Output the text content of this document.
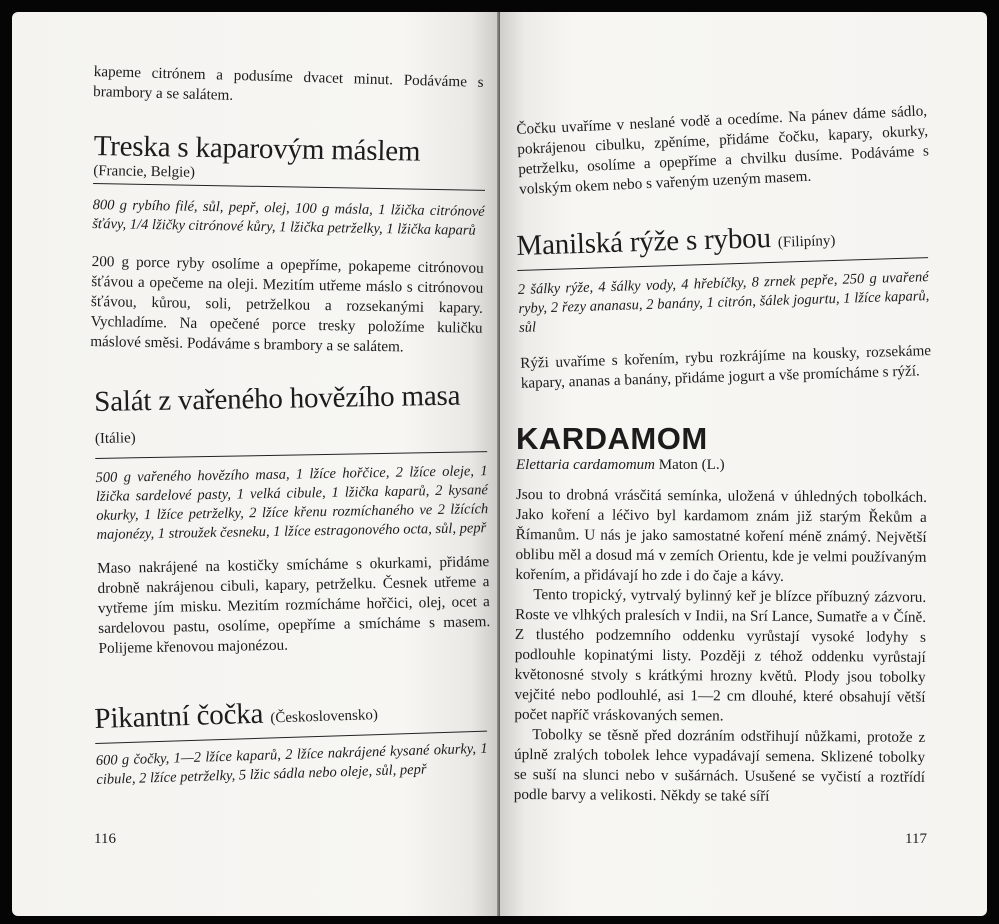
kapeme citrónem a podusíme dvacet minut. Podáváme s brambory a se salátem.

Treska s kaparovým máslem
(Francie, Belgie)

800 g rybího filé, sůl, pepř, olej, 100 g másla, 1 lžička citrónové šťávy, 1/4 lžičky citrónové kůry, 1 lžička petrželky, 1 lžička kaparů

200 g porce ryby osolíme a opepříme, pokapeme citrónovou šťávou a opečeme na oleji. Mezitím utřeme máslo s citrónovou šťávou, kůrou, soli, petrželkou a rozsekanými kapary. Vychladíme. Na opečené porce tresky položíme kuličku máslové směsi. Podáváme s brambory a se salátem.

Salát z vařeného hovězího masa (Itálie)

500 g vařeného hovězího masa, 1 lžíce hořčice, 2 lžíce oleje, 1 lžička sardelové pasty, 1 velká cibule, 1 lžička kaparů, 2 kysané okurky, 1 lžíce petrželky, 2 lžíce křenu rozmíchaného ve 2 lžících majonézy, 1 stroužek česneku, 1 lžíce estragonového octa, sůl, pepř

Maso nakrájené na kostičky smícháme s okurkami, přidáme drobně nakrájenou cibuli, kapary, petrželku. Česnek utřeme a vytřeme jím misku. Mezitím rozmícháme hořčici, olej, ocet a sardelovou pastu, osolíme, opepříme a smícháme s masem. Polijeme křenovou majonézou.

Pikantní čočka (Československo)

600 g čočky, 1—2 lžíce kaparů, 2 lžíce nakrájené kysané okurky, 1 cibule, 2 lžíce petrželky, 5 lžic sádla nebo oleje, sůl, pepř

116

Čočku uvaříme v neslané vodě a ocedíme. Na pánev dáme sádlo, pokrájenou cibulku, zpěníme, přidáme čočku, kapary, okurky, petrželku, osolíme a opepříme a chvilku dusíme. Podáváme s volským okem nebo s vařeným uzeným masem.

Manilská rýže s rybou (Filipíny)

2 šálky rýže, 4 šálky vody, 4 hřebíčky, 8 zrnek pepře, 250 g uvařené ryby, 2 řezy ananasu, 2 banány, 1 citrón, šálek jogurtu, 1 lžíce kaparů, sůl

Rýži uvaříme s kořením, rybu rozkrájíme na kousky, rozsekáme kapary, ananas a banány, přidáme jogurt a vše promícháme s rýží.

KARDAMOM
Elettaria cardamomum Maton (L.)

Jsou to drobná vrásčitá semínka, uložená v úhledných tobolkách. Jako koření a léčivo byl kardamom znám již starým Řekům a Římanům. U nás je jako samostatné koření méně známý. Největší oblibu měl a dosud má v zemích Orientu, kde je velmi používaným kořením, a přidávají ho zde i do čaje a kávy.

Tento tropický, vytrvalý bylinný keř je blízce příbuzný zázvoru. Roste ve vlhkých pralesích v Indii, na Srí Lance, Sumatře a v Číně. Z tlustého podzemního oddenku vyrůstají vysoké lodyhy s podlouhle kopinatými listy. Později z téhož oddenku vyrůstají květonosné stvoly s krátkými hrozny květů. Plody jsou tobolky vejčité nebo podlouhlé, asi 1—2 cm dlouhé, které obsahují větší počet napříč vráskovaných semen.

Tobolky se těsně před dozráním odstřihují nůžkami, protože z úplně zralých tobolek lehce vypadávají semena. Sklizené tobolky se suší na slunci nebo v sušárnách. Usušené se vyčistí a roztřídí podle barvy a velikosti. Někdy se také síří

117
